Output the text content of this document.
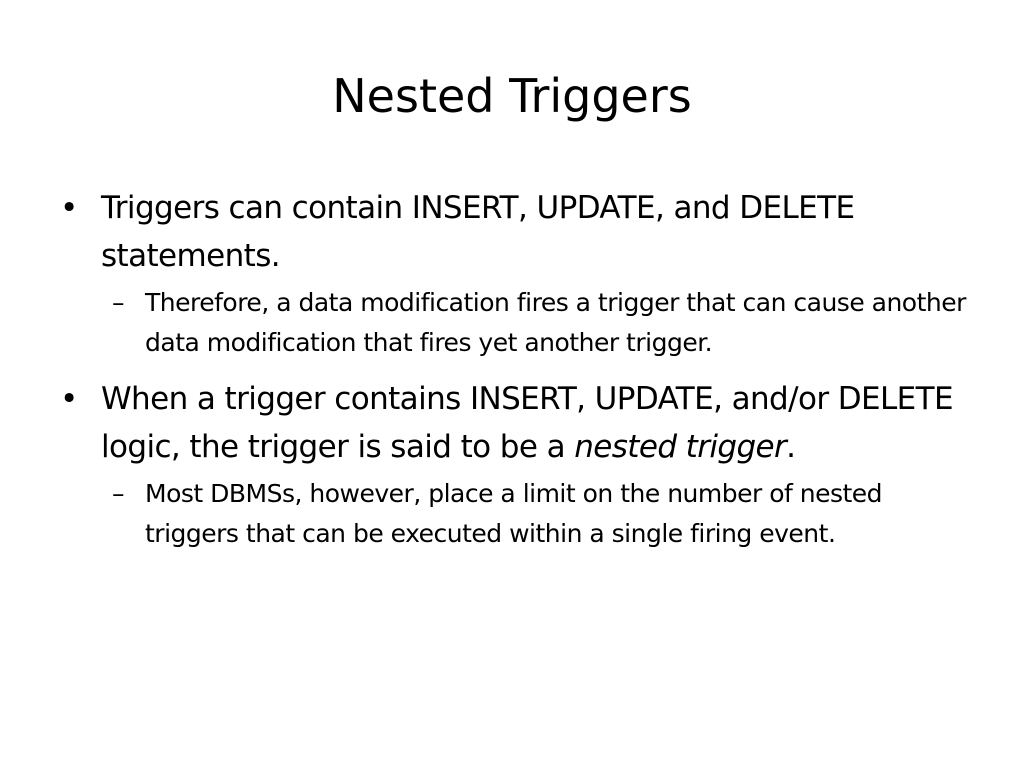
Nested Triggers
• Triggers can contain INSERT, UPDATE, and DELETE statements.
– Therefore, a data modification fires a trigger that can cause another data modification that fires yet another trigger.
• When a trigger contains INSERT, UPDATE, and/or DELETE logic, the trigger is said to be a nested trigger.
– Most DBMSs, however, place a limit on the number of nested triggers that can be executed within a single firing event.
